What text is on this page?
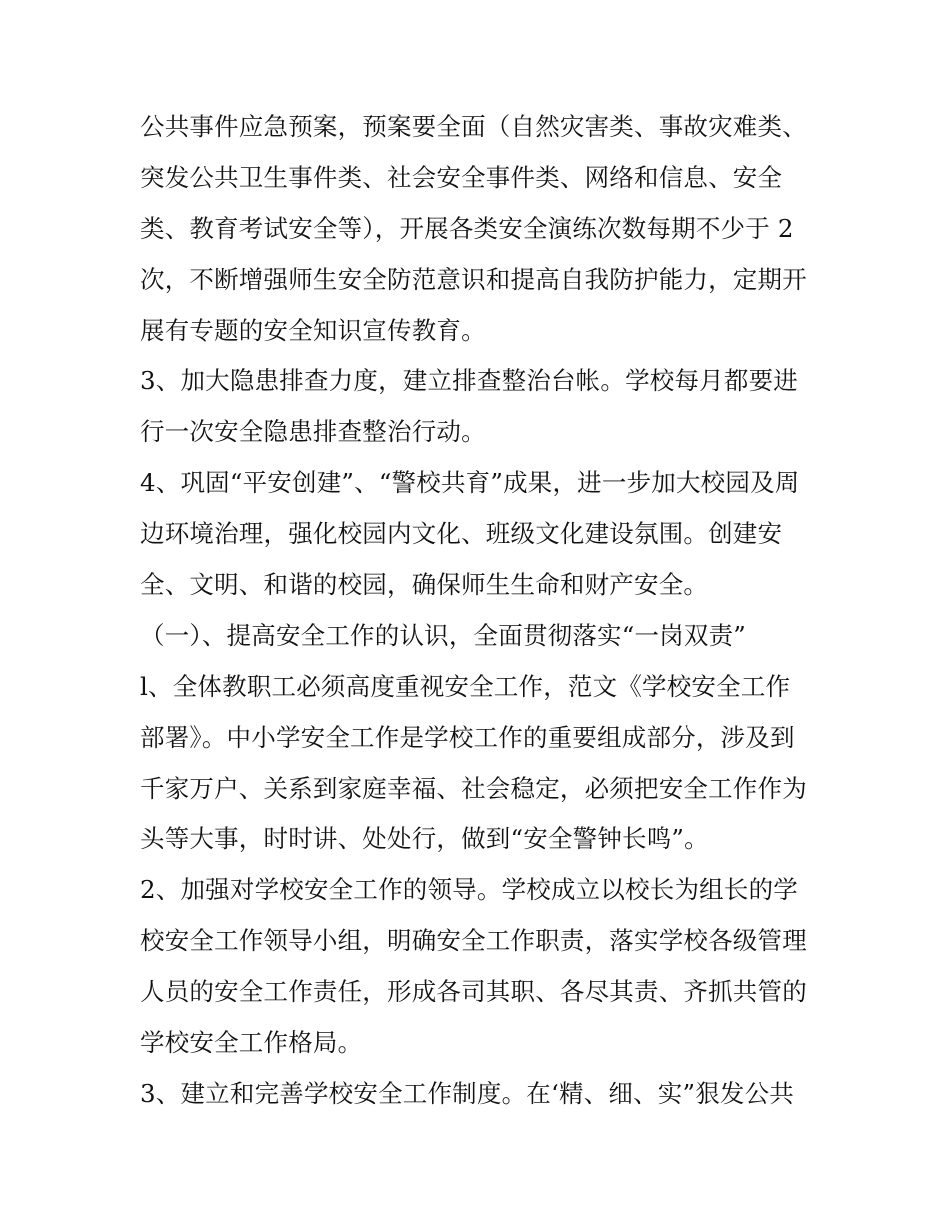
公共事件应急预案，预案要全面（自然灾害类、事故灾难类、
突发公共卫生事件类、社会安全事件类、网络和信息、安全
类、教育考试安全等），开展各类安全演练次数每期不少于 2
次，不断增强师生安全防范意识和提高自我防护能力，定期开
展有专题的安全知识宣传教育。
3、加大隐患排查力度，建立排查整治台帐。学校每月都要进
行一次安全隐患排查整治行动。
4、巩固“平安创建”、“警校共育”成果，进一步加大校园及周
边环境治理，强化校园内文化、班级文化建设氛围。创建安
全、文明、和谐的校园，确保师生生命和财产安全。
（一）、提高安全工作的认识，全面贯彻落实“一岗双责”
l、全体教职工必须高度重视安全工作，范文《学校安全工作
部署》。中小学安全工作是学校工作的重要组成部分，涉及到
千家万户、关系到家庭幸福、社会稳定，必须把安全工作作为
头等大事，时时讲、处处行，做到“安全警钟长鸣”。
2、加强对学校安全工作的领导。学校成立以校长为组长的学
校安全工作领导小组，明确安全工作职责，落实学校各级管理
人员的安全工作责任，形成各司其职、各尽其责、齐抓共管的
学校安全工作格局。
3、建立和完善学校安全工作制度。在‘精、细、实”狠发公共
